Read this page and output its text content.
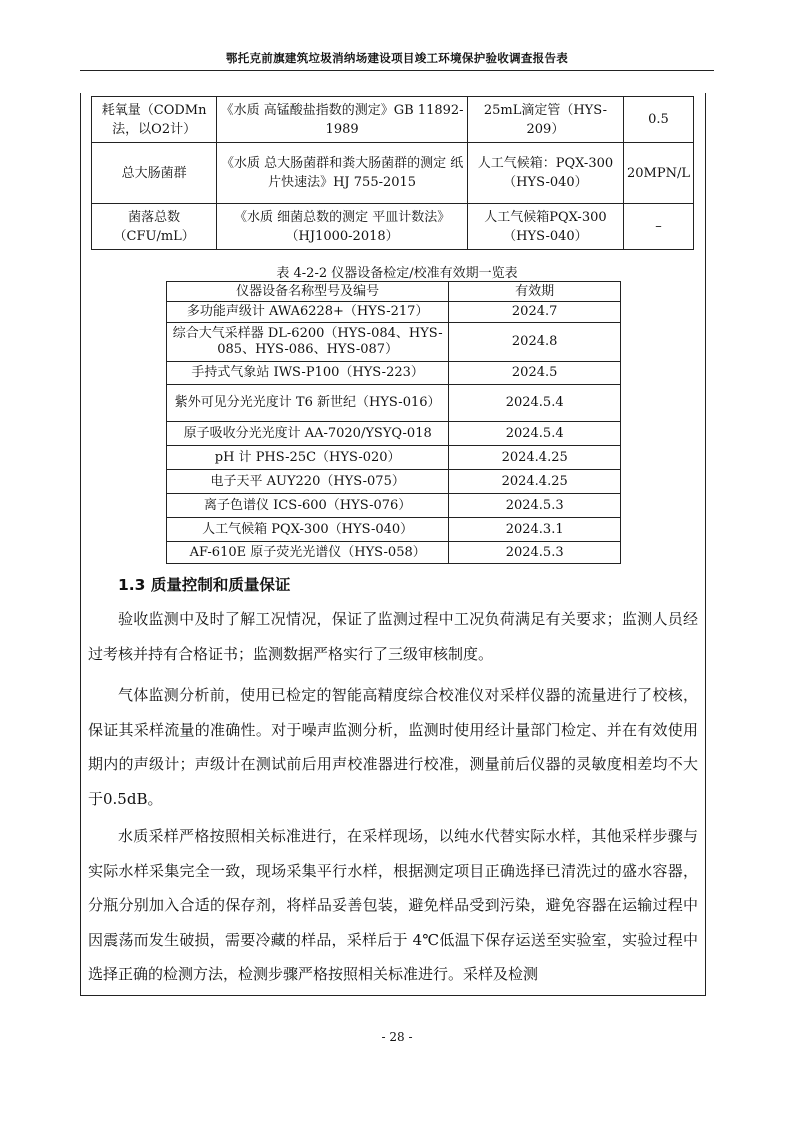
鄂托克前旗建筑垃圾消纳场建设项目竣工环境保护验收调查报告表
耗氧量（CODMn法，以O2计）	《水质 高锰酸盐指数的测定》GB 11892-1989	25mL滴定管（HYS-209）	0.5
总大肠菌群	《水质 总大肠菌群和粪大肠菌群的测定 纸片快速法》HJ 755-2015	人工气候箱：PQX-300（HYS-040）	20MPN/L
菌落总数（CFU/mL）	《水质 细菌总数的测定 平皿计数法》（HJ1000-2018）	人工气候箱PQX-300（HYS-040）	–
表 4-2-2 仪器设备检定/校准有效期一览表
仪器设备名称型号及编号	有效期
多功能声级计 AWA6228+（HYS-217）	2024.7
综合大气采样器 DL-6200（HYS-084、HYS-085、HYS-086、HYS-087）	2024.8
手持式气象站 IWS-P100（HYS-223）	2024.5
紫外可见分光光度计 T6 新世纪（HYS-016）	2024.5.4
原子吸收分光光度计 AA-7020/YSYQ-018	2024.5.4
pH 计 PHS-25C（HYS-020）	2024.4.25
电子天平 AUY220（HYS-075）	2024.4.25
离子色谱仪 ICS-600（HYS-076）	2024.5.3
人工气候箱 PQX-300（HYS-040）	2024.3.1
AF-610E 原子荧光光谱仪（HYS-058）	2024.5.3
1.3 质量控制和质量保证

验收监测中及时了解工况情况，保证了监测过程中工况负荷满足有关要求；监测人员经过考核并持有合格证书；监测数据严格实行了三级审核制度。

气体监测分析前，使用已检定的智能高精度综合校准仪对采样仪器的流量进行了校核，保证其采样流量的准确性。对于噪声监测分析，监测时使用经计量部门检定、并在有效使用期内的声级计；声级计在测试前后用声校准器进行校准，测量前后仪器的灵敏度相差均不大于0.5dB。

水质采样严格按照相关标准进行，在采样现场，以纯水代替实际水样，其他采样步骤与实际水样采集完全一致，现场采集平行水样，根据测定项目正确选择已清洗过的盛水容器，分瓶分别加入合适的保存剂，将样品妥善包装，避免样品受到污染，避免容器在运输过程中因震荡而发生破损，需要冷藏的样品，采样后于 4℃低温下保存运送至实验室，实验过程中选择正确的检测方法，检测步骤严格按照相关标准进行。采样及检测

- 28 -
